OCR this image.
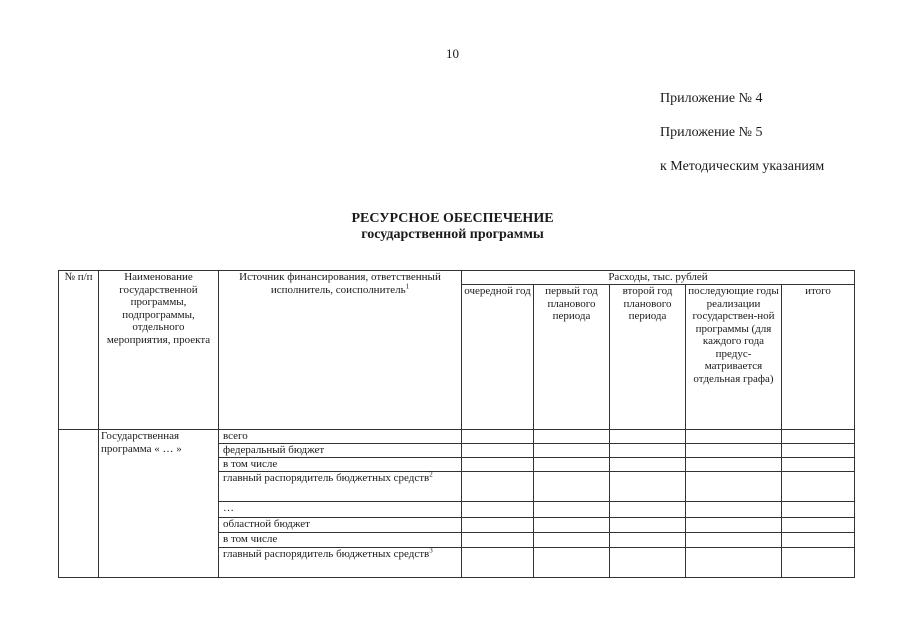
10
Приложение № 4
Приложение № 5
к Методическим указаниям
РЕСУРСНОЕ ОБЕСПЕЧЕНИЕ
государственной программы
№ п/п	Наименование государственной программы, подпрограммы, отдельного мероприятия, проекта	Источник финансирования, ответственный исполнитель, соисполнитель$^1$	Расходы, тыс. рублей				
			очередной год	первый год планового периода	второй год планового периода	последующие годы реализации государствен-ной программы (для каждого года предус-матривается отдельная графа)	итого
	Государственная программа « … »	всего					
		федеральный бюджет					
		в том числе					
		главный распорядитель бюджетных средств$^2$					
		…					
		областной бюджет					
		в том числе					
		главный распорядитель бюджетных средств$^3$					
